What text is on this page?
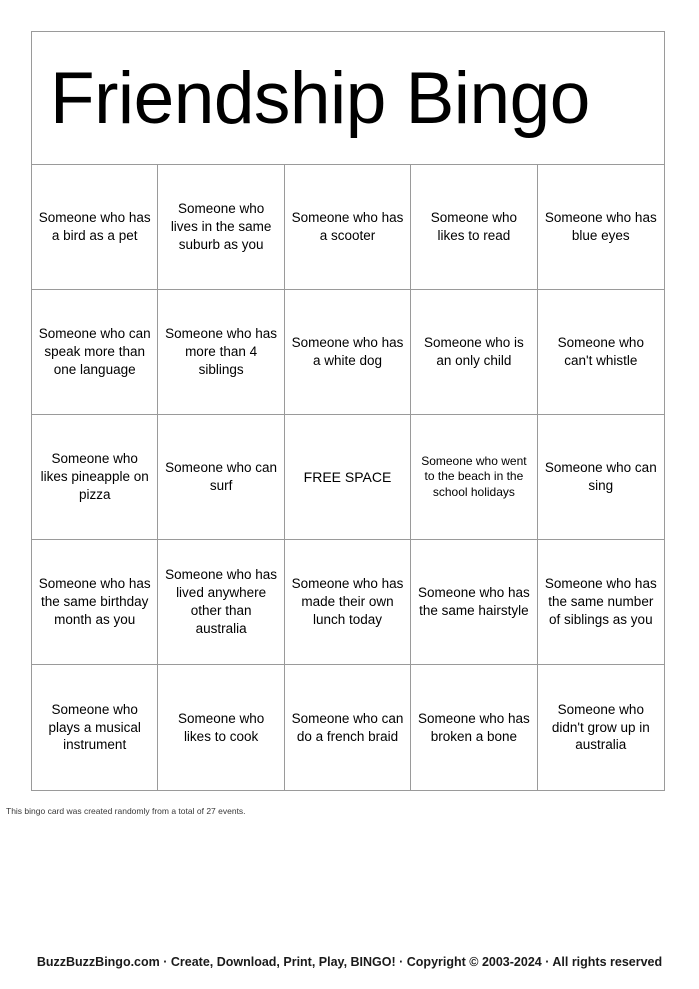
Friendship Bingo
Someone who has a bird as a pet
Someone who lives in the same suburb as you
Someone who has a scooter
Someone who likes to read
Someone who has blue eyes
Someone who can speak more than one language
Someone who has more than 4 siblings
Someone who has a white dog
Someone who is an only child
Someone who can't whistle
Someone who likes pineapple on pizza
Someone who can surf
FREE SPACE
Someone who went to the beach in the school holidays
Someone who can sing
Someone who has the same birthday month as you
Someone who has lived anywhere other than australia
Someone who has made their own lunch today
Someone who has the same hairstyle
Someone who has the same number of siblings as you
Someone who plays a musical instrument
Someone who likes to cook
Someone who can do a french braid
Someone who has broken a bone
Someone who didn't grow up in australia
This bingo card was created randomly from a total of 27 events.
BuzzBuzzBingo.com · Create, Download, Print, Play, BINGO! · Copyright © 2003-2024 · All rights reserved
